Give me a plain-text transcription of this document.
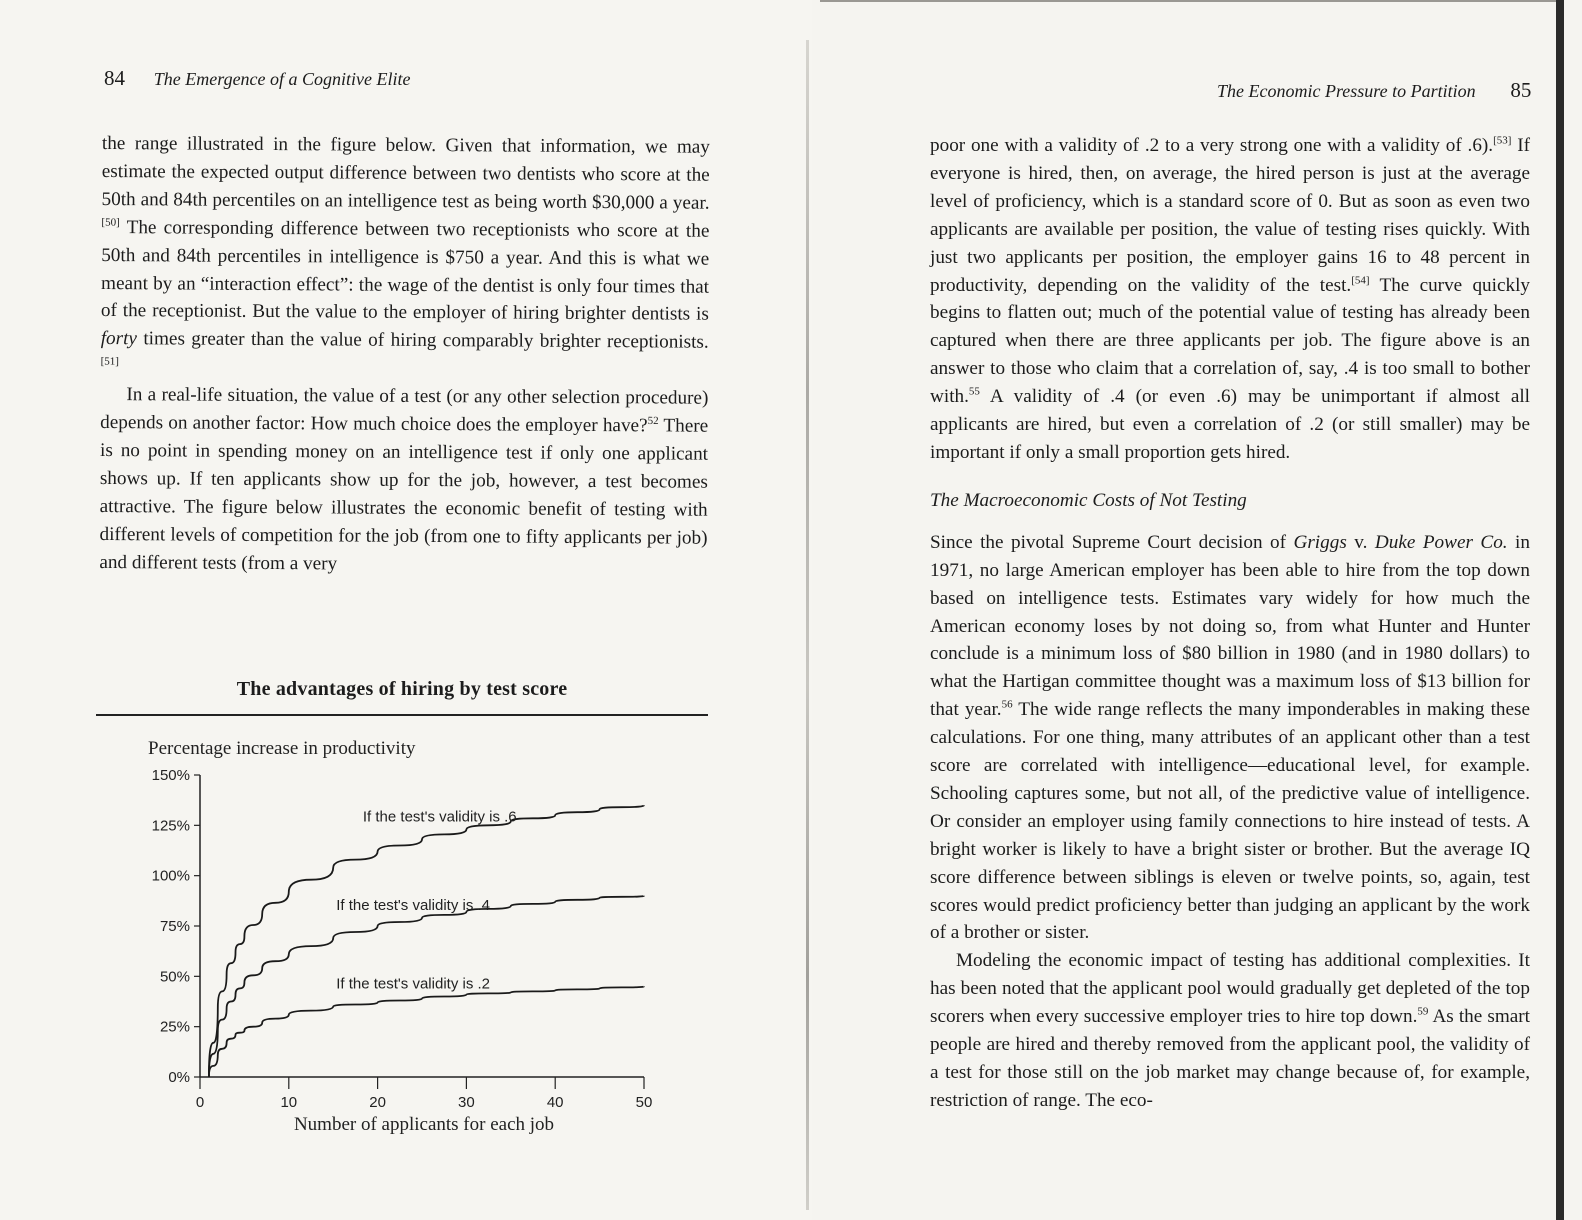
84 The Emergence of a Cognitive Elite

the range illustrated in the figure below. Given that information, we may estimate the expected output difference between two dentists who score at the 50th and 84th percentiles on an intelligence test as being worth $30,000 a year.[50] The corresponding difference between two receptionists who score at the 50th and 84th percentiles in intelligence is $750 a year. And this is what we meant by an “interaction effect”: the wage of the dentist is only four times that of the receptionist. But the value to the employer of hiring brighter dentists is forty times greater than the value of hiring comparably brighter receptionists.[51]

In a real-life situation, the value of a test (or any other selection procedure) depends on another factor: How much choice does the employer have?$^{52}$ There is no point in spending money on an intelligence test if only one applicant shows up. If ten applicants show up for the job, however, a test becomes attractive. The figure below illustrates the economic benefit of testing with different levels of competition for the job (from one to fifty applicants per job) and different tests (from a very

The advantages of hiring by test score
Percentage increase in productivity
Number of applicants for each job
0%
25%
50%
75%
100%
125%
150%
0	10	20	30	40	50
If the test's validity is .6
If the test's validity is .4
If the test's validity is .2
The Economic Pressure to Partition 85

poor one with a validity of .2 to a very strong one with a validity of .6).[53] If everyone is hired, then, on average, the hired person is just at the average level of proficiency, which is a standard score of 0. But as soon as even two applicants are available per position, the value of testing rises quickly. With just two applicants per position, the employer gains 16 to 48 percent in productivity, depending on the validity of the test.[54] The curve quickly begins to flatten out; much of the potential value of testing has already been captured when there are three applicants per job. The figure above is an answer to those who claim that a correlation of, say, .4 is too small to bother with.$^{55}$ A validity of .4 (or even .6) may be unimportant if almost all applicants are hired, but even a correlation of .2 (or still smaller) may be important if only a small proportion gets hired.

The Macroeconomic Costs of Not Testing

Since the pivotal Supreme Court decision of Griggs v. Duke Power Co. in 1971, no large American employer has been able to hire from the top down based on intelligence tests. Estimates vary widely for how much the American economy loses by not doing so, from what Hunter and Hunter conclude is a minimum loss of $80 billion in 1980 (and in 1980 dollars) to what the Hartigan committee thought was a maximum loss of $13 billion for that year.$^{56}$ The wide range reflects the many imponderables in making these calculations. For one thing, many attributes of an applicant other than a test score are correlated with intelligence—educational level, for example. Schooling captures some, but not all, of the predictive value of intelligence. Or consider an employer using family connections to hire instead of tests. A bright worker is likely to have a bright sister or brother. But the average IQ score difference between siblings is eleven or twelve points, so, again, test scores would predict proficiency better than judging an applicant by the work of a brother or sister.

Modeling the economic impact of testing has additional complexities. It has been noted that the applicant pool would gradually get depleted of the top scorers when every successive employer tries to hire top down.$^{59}$ As the smart people are hired and thereby removed from the applicant pool, the validity of a test for those still on the job market may change because of, for example, restriction of range. The eco-
